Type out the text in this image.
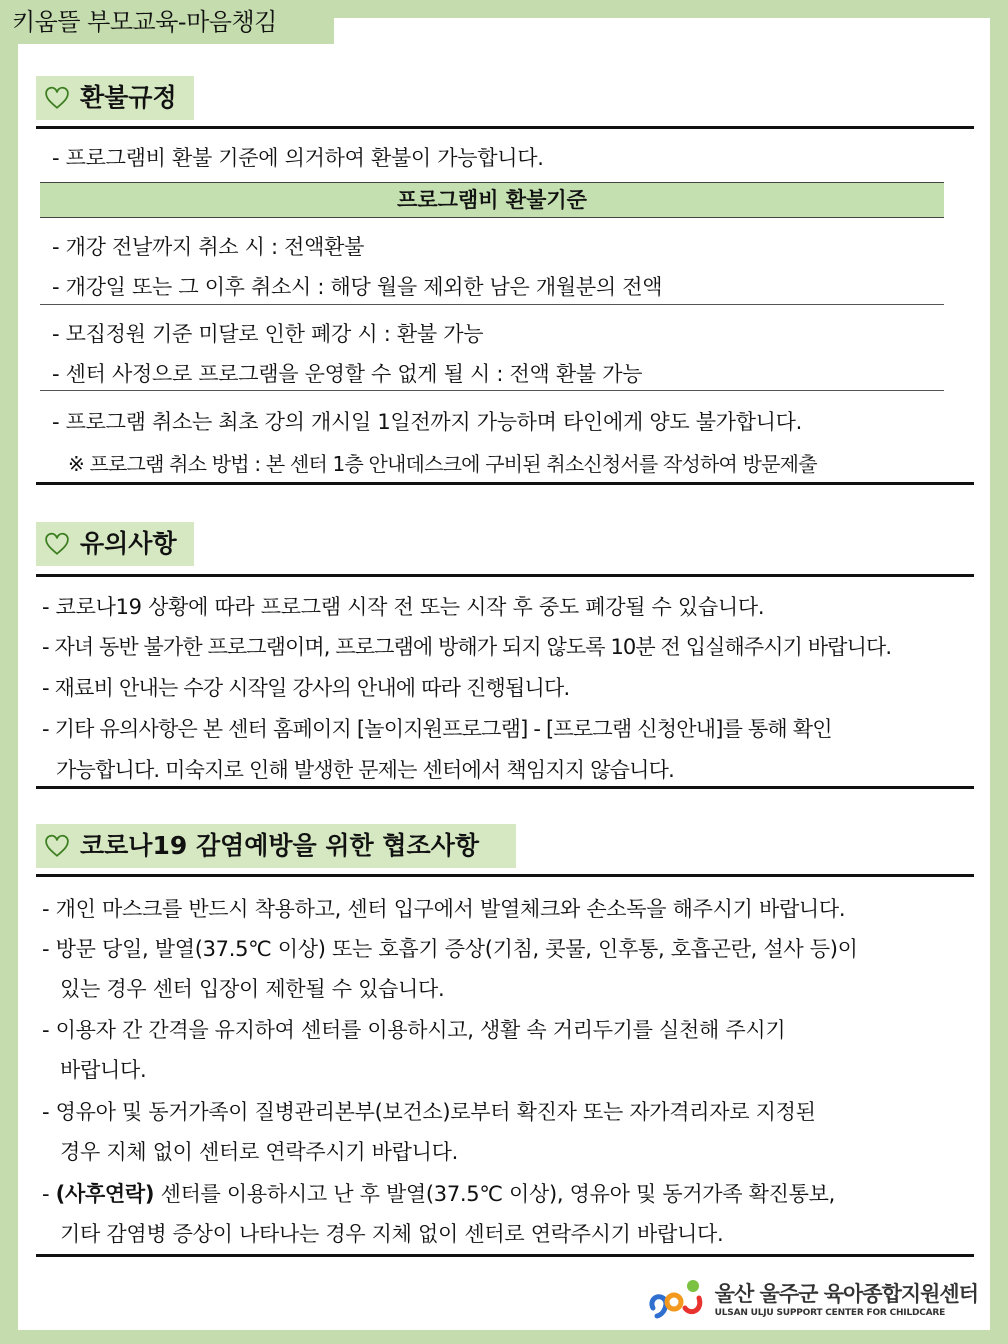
키움뜰 부모교육-마음챙김
환불규정
- 프로그램비 환불 기준에 의거하여 환불이 가능합니다.
프로그램비 환불기준
- 개강 전날까지 취소 시 : 전액환불
- 개강일 또는 그 이후 취소시 : 해당 월을 제외한 남은 개월분의 전액
- 모집정원 기준 미달로 인한 폐강 시 : 환불 가능
- 센터 사정으로 프로그램을 운영할 수 없게 될 시 : 전액 환불 가능
- 프로그램 취소는 최초 강의 개시일 1일전까지 가능하며 타인에게 양도 불가합니다.
※ 프로그램 취소 방법 : 본 센터 1층 안내데스크에 구비된 취소신청서를 작성하여 방문제출
유의사항
- 코로나19 상황에 따라 프로그램 시작 전 또는 시작 후 중도 폐강될 수 있습니다.
- 자녀 동반 불가한 프로그램이며, 프로그램에 방해가 되지 않도록 10분 전 입실해주시기 바랍니다.
- 재료비 안내는 수강 시작일 강사의 안내에 따라 진행됩니다.
- 기타 유의사항은 본 센터 홈페이지 [놀이지원프로그램] - [프로그램 신청안내]를 통해 확인
가능합니다. 미숙지로 인해 발생한 문제는 센터에서 책임지지 않습니다.
코로나19 감염예방을 위한 협조사항
- 개인 마스크를 반드시 착용하고, 센터 입구에서 발열체크와 손소독을 해주시기 바랍니다.
- 방문 당일, 발열(37.5℃ 이상) 또는 호흡기 증상(기침, 콧물, 인후통, 호흡곤란, 설사 등)이
있는 경우 센터 입장이 제한될 수 있습니다.
- 이용자 간 간격을 유지하여 센터를 이용하시고, 생활 속 거리두기를 실천해 주시기
바랍니다.
- 영유아 및 동거가족이 질병관리본부(보건소)로부터 확진자 또는 자가격리자로 지정된
경우 지체 없이 센터로 연락주시기 바랍니다.
- (사후연락) 센터를 이용하시고 난 후 발열(37.5℃ 이상), 영유아 및 동거가족 확진통보,
기타 감염병 증상이 나타나는 경우 지체 없이 센터로 연락주시기 바랍니다.
울산 울주군 육아종합지원센터
ULSAN ULJU SUPPORT CENTER FOR CHILDCARE
